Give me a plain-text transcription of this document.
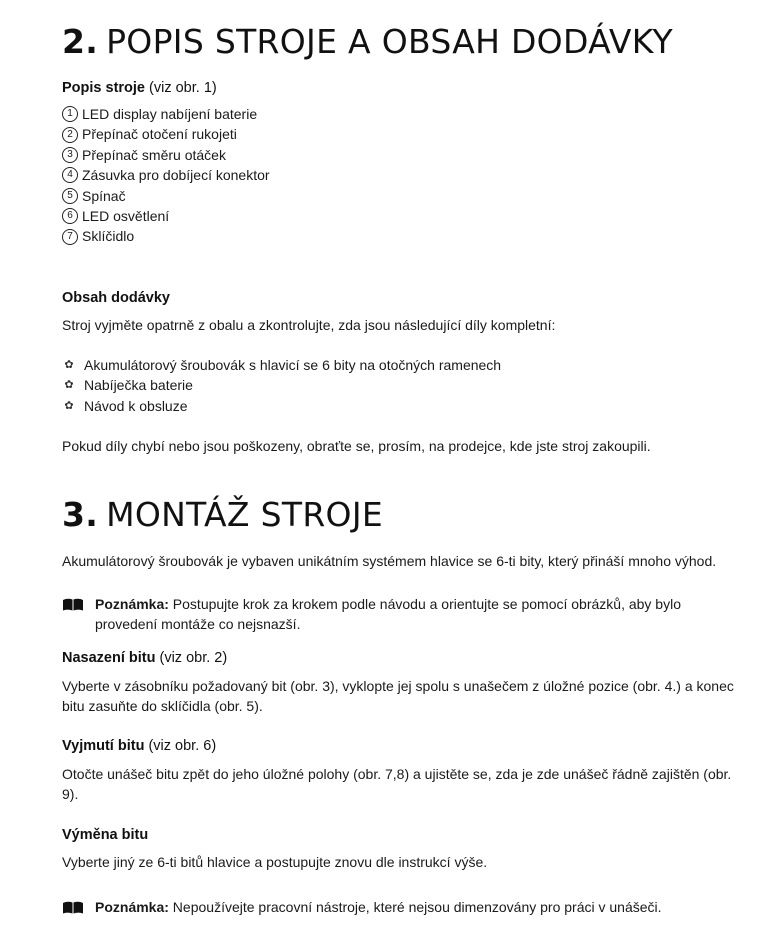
2. POPIS STROJE A OBSAH DODÁVKY
Popis stroje (viz obr. 1)
1 LED display nabíjení baterie
2 Přepínač otočení rukojeti
3 Přepínač směru otáček
4 Zásuvka pro dobíjecí konektor
5 Spínač
6 LED osvětlení
7 Sklíčidlo
Obsah dodávky

Stroj vyjměte opatrně z obalu a zkontrolujte, zda jsou následující díly kompletní:

✿ Akumulátorový šroubovák s hlavicí se 6 bity na otočných ramenech
✿ Nabíječka baterie
✿ Návod k obsluze

Pokud díly chybí nebo jsou poškozeny, obraťte se, prosím, na prodejce, kde jste stroj zakoupili.

3. MONTÁŽ STROJE

Akumulátorový šroubovák je vybaven unikátním systémem hlavice se 6-ti bity, který přináší mnoho výhod.

Poznámka: Postupujte krok za krokem podle návodu a orientujte se pomocí obrázků, aby bylo provedení montáže co nejsnazší.

Nasazení bitu (viz obr. 2)

Vyberte v zásobníku požadovaný bit (obr. 3), vyklopte jej spolu s unašečem z úložné pozice (obr. 4.) a konec bitu zasuňte do sklíčidla (obr. 5).

Vyjmutí bitu (viz obr. 6)

Otočte unášeč bitu zpět do jeho úložné polohy (obr. 7,8) a ujistěte se, zda je zde unášeč řádně zajištěn (obr. 9).

Výměna bitu

Vyberte jiný ze 6-ti bitů hlavice a postupujte znovu dle instrukcí výše.

Poznámka: Nepoužívejte pracovní nástroje, které nejsou dimenzovány pro práci v unášeči.
